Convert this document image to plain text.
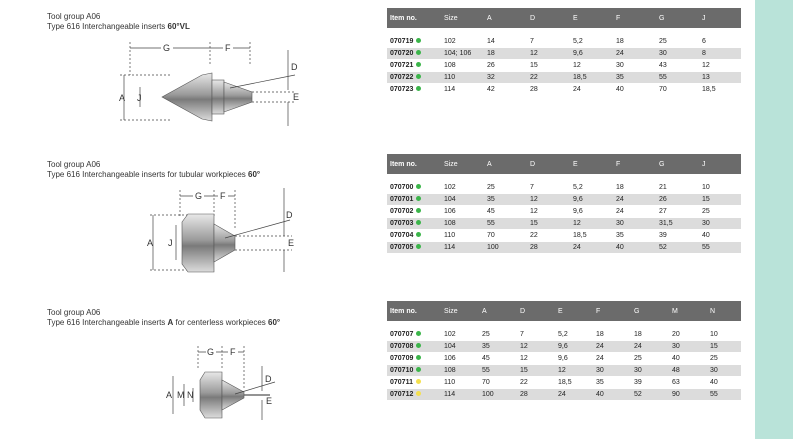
Tool group A06
Type 616 Interchangeable inserts 60°VL
G	F
A J
D
E
Item no.	Size	A	D	E	F	G	J

070719	102	14	7	5,2	18	25	6
070720	104; 106	18	12	9,6	24	30	8
070721	108	26	15	12	30	43	12
070722	110	32	22	18,5	35	55	13
070723	114	42	28	24	40	70	18,5
Tool group A06
Type 616 Interchangeable inserts for tubular workpieces 60°
G F
A J
D
E
Item no.	Size	A	D	E	F	G	J

070700	102	25	7	5,2	18	21	10
070701	104	35	12	9,6	24	26	15
070702	106	45	12	9,6	24	27	25
070703	108	55	15	12	30	31,5	30
070704	110	70	22	18,5	35	39	40
070705	114	100	28	24	40	52	55
Tool group A06
Type 616 Interchangeable inserts A for centerless workpieces 60°
G F
A M N
D
E
Item no.	Size	A	D	E	F	G	M	N

070707	102	25	7	5,2	18	18	20	10
070708	104	35	12	9,6	24	24	30	15
070709	106	45	12	9,6	24	25	40	25
070710	108	55	15	12	30	30	48	30
070711	110	70	22	18,5	35	39	63	40
070712	114	100	28	24	40	52	90	55
